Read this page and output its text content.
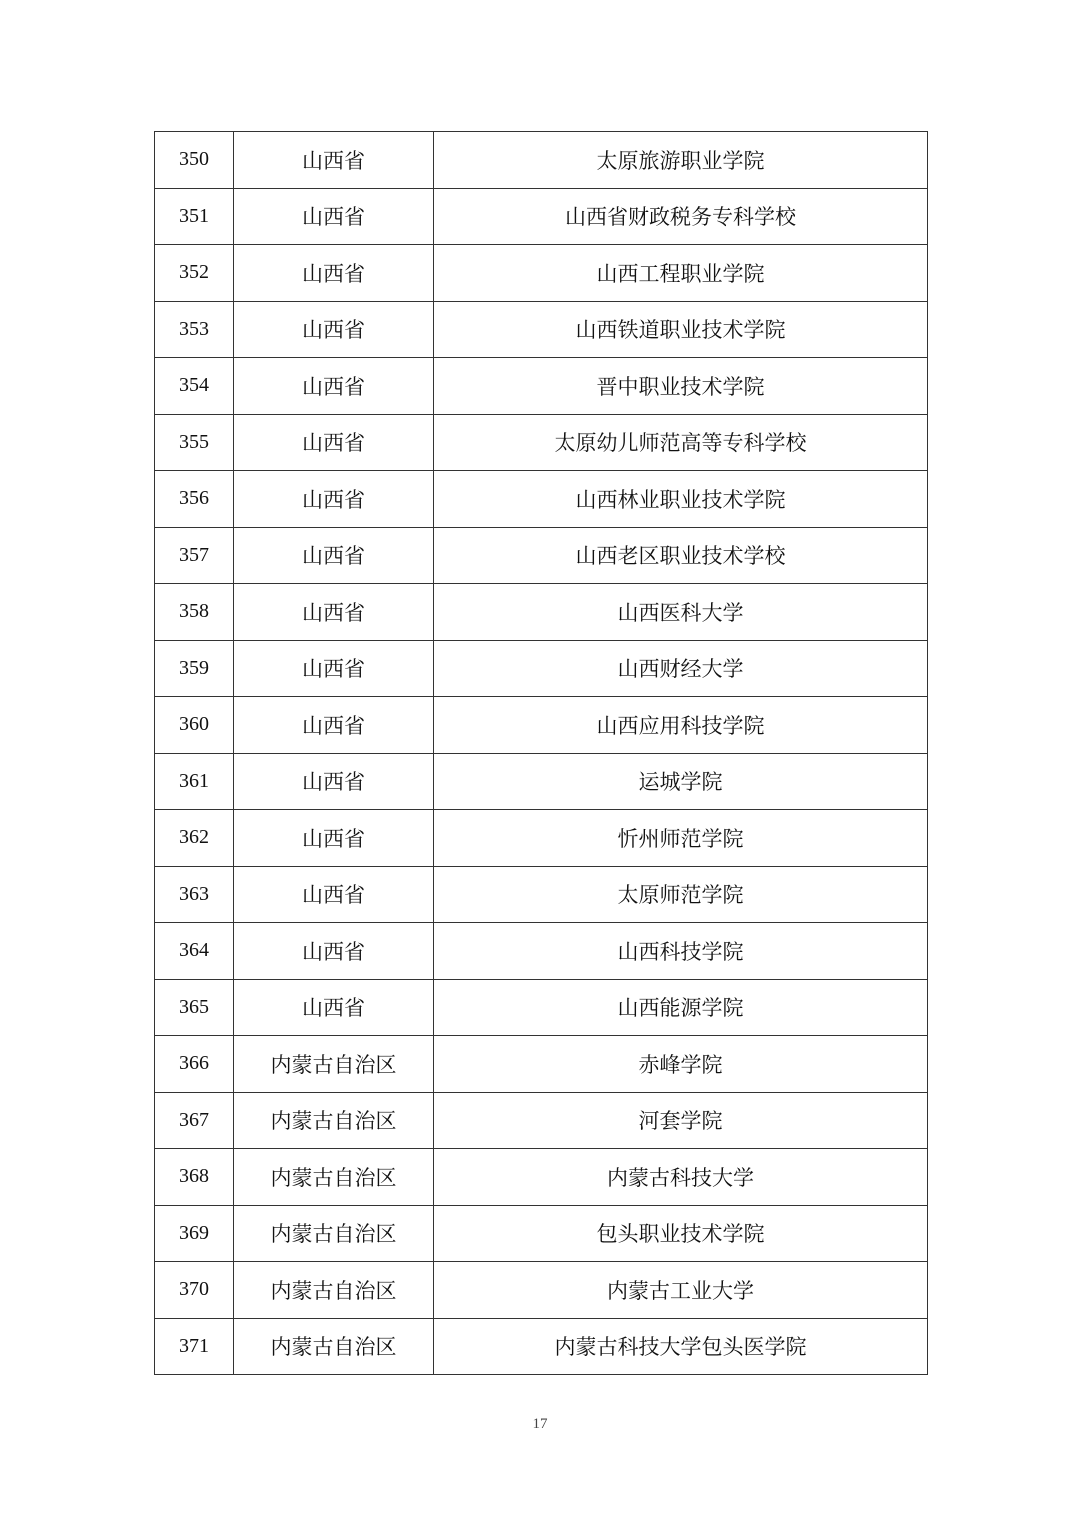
350	山西省	太原旅游职业学院
351	山西省	山西省财政税务专科学校
352	山西省	山西工程职业学院
353	山西省	山西铁道职业技术学院
354	山西省	晋中职业技术学院
355	山西省	太原幼儿师范高等专科学校
356	山西省	山西林业职业技术学院
357	山西省	山西老区职业技术学校
358	山西省	山西医科大学
359	山西省	山西财经大学
360	山西省	山西应用科技学院
361	山西省	运城学院
362	山西省	忻州师范学院
363	山西省	太原师范学院
364	山西省	山西科技学院
365	山西省	山西能源学院
366	内蒙古自治区	赤峰学院
367	内蒙古自治区	河套学院
368	内蒙古自治区	内蒙古科技大学
369	内蒙古自治区	包头职业技术学院
370	内蒙古自治区	内蒙古工业大学
371	内蒙古自治区	内蒙古科技大学包头医学院
17
